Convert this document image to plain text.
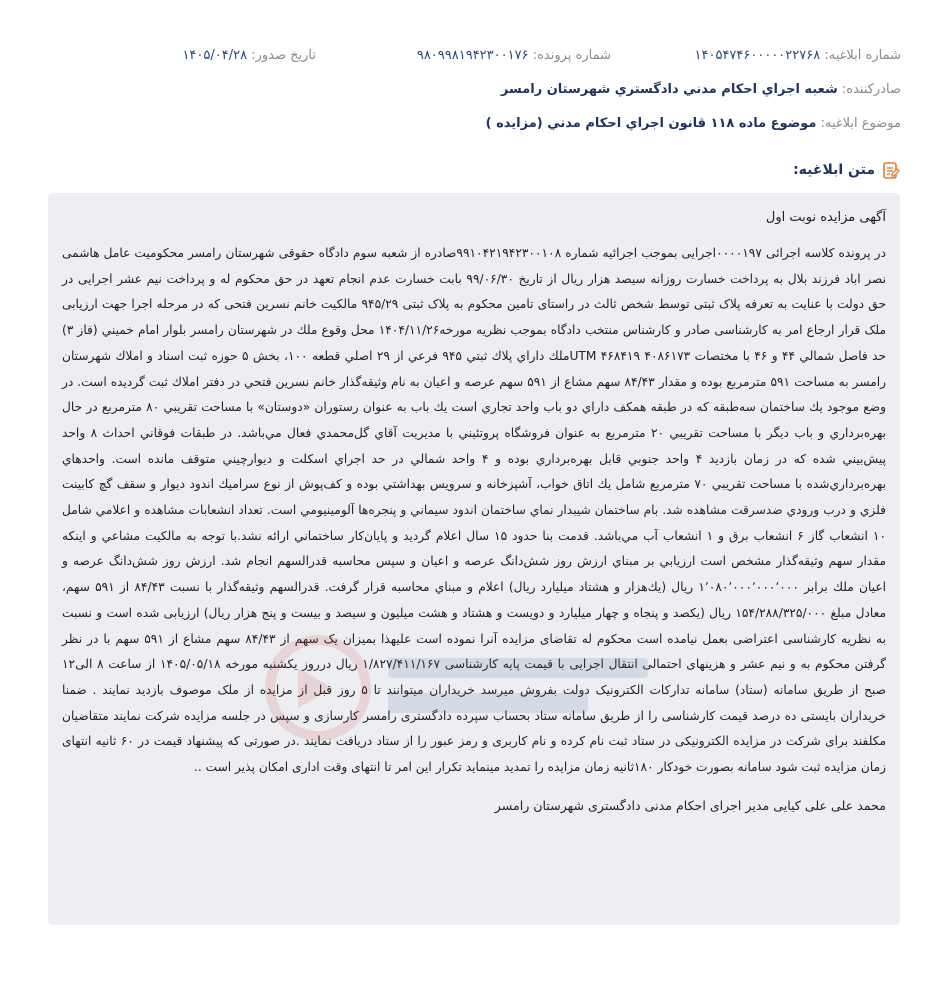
شماره ابلاغيه: ۱۴۰۵۴۷۴۶۰۰۰۰۰۲۲۷۶۸
شماره پرونده: ۹۸۰۹۹۸۱۹۴۲۳۰۰۱۷۶
تاريخ صدور: ۱۴۰۵/۰۴/۲۸
صادرکننده: شعبه اجراي احکام مدني دادگستري شهرستان رامسر
موضوع ابلاغيه: موضوع ماده ۱۱۸ قانون اجراي احکام مدني (مزايده )
متن ابلاغيه:

آگهی مزایده نوبت اول

در پرونده کلاسه اجرائی ۰۰۰۰۱۹۷اجرایی بموجب اجرائیه شماره ۹۹۱۰۴۲۱۹۴۲۳۰۰۱۰۸صادره از شعبه سوم دادگاه حقوقی شهرستان رامسر محکومیت عامل هاشمی نصر اباد فرزند بلال به پرداخت خسارت روزانه سیصد هزار ریال از تاریخ ۹۹/۰۶/۳۰ بابت خسارت عدم انجام تعهد در حق محکوم له و پرداخت نیم عشر اجرایی در حق دولت با عنایت به تعرفه پلاک ثبتی توسط شخص ثالث در راستای تامین محکوم به پلاک ثبتی ۹۴۵/۲۹ مالکیت خانم نسرین فتحی که در مرحله اجرا جهت ارزیابی ملک قرار ارجاع امر به کارشناسی صادر و کارشناس منتخب دادگاه بموجب نظریه مورخه۱۴۰۴/۱۱/۲۶ محل وقوع ملك در شهرستان رامسر بلوار امام خميني (فاز ۳) حد فاصل شمالي ۴۴ و ۴۶ با مختصات ۴۰۸۶۱۷۳ ۴۶۸۴۱۹ UTMملك داراي پلاك ثبتي ۹۴۵ فرعي از ۲۹ اصلي قطعه ۱۰۰، بخش ۵ حوزه ثبت اسناد و املاك شهرستان رامسر به مساحت ۵۹۱ مترمربع بوده و مقدار ۸۴/۴۳ سهم مشاع از ۵۹۱ سهم عرصه و اعيان به نام وثيقه‌گذار خانم نسرين فتحي در دفتر املاك ثبت گرديده است. در وضع موجود يك ساختمان سه‌طبقه كه در طبقه همكف داراي دو باب واحد تجاري است يك باب به عنوان رستوران «دوستان» با مساحت تقريبي ۸۰ مترمربع در حال بهره‌برداري و باب ديگر با مساحت تقريبي ۲۰ مترمربع به عنوان فروشگاه پروتئيني با مديريت آقاي گل‌محمدي فعال مي‌باشد. در طبقات فوقاني احداث ۸ واحد پيش‌بيني شده كه در زمان بازديد ۴ واحد جنوبي قابل بهره‌برداري بوده و ۴ واحد شمالي در حد اجراي اسكلت و ديوارچيني متوقف مانده است. واحدهاي بهره‌برداري‌شده با مساحت تقريبي ۷۰ مترمربع شامل يك اتاق خواب، آشپزخانه و سرويس بهداشتي بوده و كف‌پوش از نوع سراميك اندود ديوار و سقف گچ كابينت فلزي و درب ورودي ضدسرقت مشاهده شد. بام ساختمان شيبدار نماي ساختمان اندود سيماني و پنجره‌ها آلومينيومي است. تعداد انشعابات مشاهده و اعلامي شامل ۱۰ انشعاب گاز ۶ انشعاب برق و ۱ انشعاب آب مي‌باشد. قدمت بنا حدود ۱۵ سال اعلام گرديد و پايان‌كار ساختماني ارائه نشد.با توجه به مالكيت مشاعي و اينكه مقدار سهم وثيقه‌گذار مشخص است ارزيابي بر مبناي ارزش روز شش‌دانگ عرصه و اعيان و سپس محاسبه قدرالسهم انجام شد. ارزش روز شش‌دانگ عرصه و اعيان ملك برابر ۱٬۰۸۰٬۰۰۰٬۰۰۰٬۰۰۰ ريال (يك‌هزار و هشتاد ميليارد ريال) اعلام و مبناي محاسبه قرار گرفت. قدرالسهم وثيقه‌گذار با نسبت ۸۴/۴۳ از ۵۹۱ سهم، معادل مبلغ ۱۵۴/۲۸۸/۳۲۵/۰۰۰ ريال (يكصد و پنجاه و چهار ميليارد و دويست و هشتاد و هشت ميليون و سیصد و بیست و پنج هزار ریال) ارزیابی شده است و نسبت به نظریه کارشناسی اعتراضی بعمل نیامده است محکوم له تقاضای مزایده آنرا نموده است علیهذا بمیزان یک سهم از ۸۴/۴۳ سهم مشاع از ۵۹۱ سهم با در نظر گرفتن محکوم به و نیم عشر و هزینهای احتمالی انتقال اجرایی با قیمت پایه کارشناسی ۱/۸۲۷/۴۱۱/۱۶۷ ریال درروز یکشنبه مورخه ۱۴۰۵/۰۵/۱۸ از ساعت ۸ الی۱۲ صبح از طریق سامانه (ستاد) سامانه تدارکات الکترونیک دولت بفروش میرسد خریداران میتوانند تا ۵ روز قبل از مزایده از ملک موصوف بازدید نمایند . ضمنا خریداران بایستی ده درصد قیمت کارشناسی را از طریق سامانه ستاد بحساب سپرده دادگستری رامسر کارسازی و سپس در جلسه مزایده شرکت نمایند متقاضیان مکلفند برای شرکت در مزایده الکترونیکی در ستاد ثبت نام کرده و نام کاربری و رمز عبور را از ستاد دریافت نمایند .در صورتی که پیشنهاد قیمت در ۶۰ ثانیه انتهای زمان مزایده ثبت شود سامانه بصورت خودکار ۱۸۰ثانیه زمان مزایده را تمدید مینماید تکرار این امر تا انتهای وقت اداری امکان پذیر است ..

محمد علی علی کیایی مدیر اجرای احکام مدنی دادگستری شهرستان رامسر
